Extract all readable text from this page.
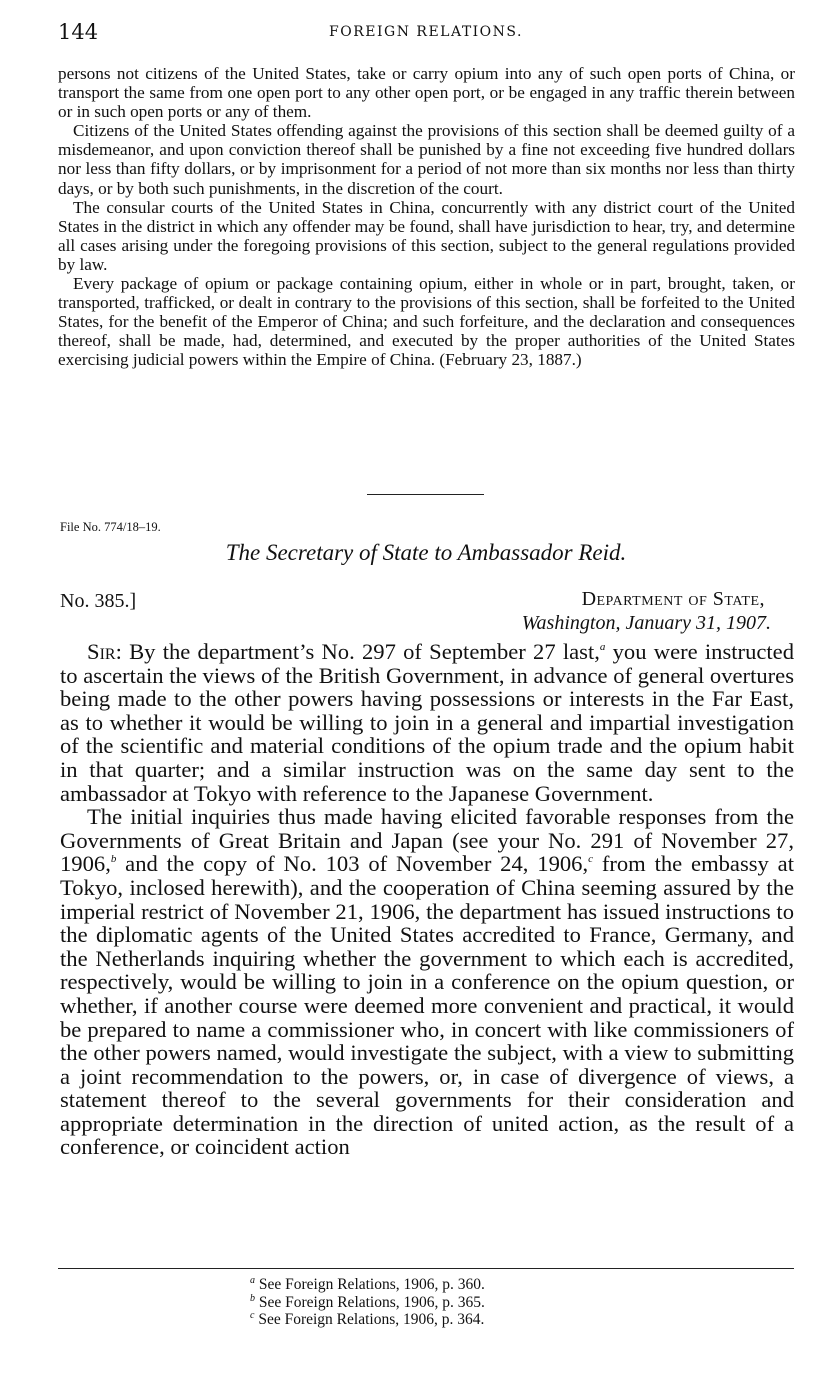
144	FOREIGN RELATIONS.

persons not citizens of the United States, take or carry opium into any of such open ports of China, or transport the same from one open port to any other open port, or be engaged in any traffic therein between or in such open ports or any of them.

Citizens of the United States offending against the provisions of this section shall be deemed guilty of a misdemeanor, and upon conviction thereof shall be punished by a fine not exceeding five hundred dollars nor less than fifty dollars, or by imprisonment for a period of not more than six months nor less than thirty days, or by both such punishments, in the discretion of the court.

The consular courts of the United States in China, concurrently with any district court of the United States in the district in which any offender may be found, shall have jurisdiction to hear, try, and determine all cases arising under the foregoing provisions of this section, subject to the general regulations provided by law.

Every package of opium or package containing opium, either in whole or in part, brought, taken, or transported, trafficked, or dealt in contrary to the provisions of this section, shall be forfeited to the United States, for the benefit of the Emperor of China; and such forfeiture, and the declaration and consequences thereof, shall be made, had, determined, and executed by the proper authorities of the United States exercising judicial powers within the Empire of China. (February 23, 1887.)

File No. 774/18–19.
The Secretary of State to Ambassador Reid.
No. 385.]	Department of State,
Washington, January 31, 1907.

Sir: By the department’s No. 297 of September 27 last,$^a$ you were instructed to ascertain the views of the British Government, in advance of general overtures being made to the other powers having possessions or interests in the Far East, as to whether it would be willing to join in a general and impartial investigation of the scientific and material conditions of the opium trade and the opium habit in that quarter; and a similar instruction was on the same day sent to the ambassador at Tokyo with reference to the Japanese Government.

The initial inquiries thus made having elicited favorable responses from the Governments of Great Britain and Japan (see your No. 291 of November 27, 1906,$^b$ and the copy of No. 103 of November 24, 1906,$^c$ from the embassy at Tokyo, inclosed herewith), and the cooperation of China seeming assured by the imperial restrict of November 21, 1906, the department has issued instructions to the diplomatic agents of the United States accredited to France, Germany, and the Netherlands inquiring whether the government to which each is accredited, respectively, would be willing to join in a conference on the opium question, or whether, if another course were deemed more convenient and practical, it would be prepared to name a commissioner who, in concert with like commissioners of the other powers named, would investigate the subject, with a view to submitting a joint recommendation to the powers, or, in case of divergence of views, a statement thereof to the several governments for their consideration and appropriate determination in the direction of united action, as the result of a conference, or coincident action

$^a$ See Foreign Relations, 1906, p. 360.
$^b$ See Foreign Relations, 1906, p. 365.
$^c$ See Foreign Relations, 1906, p. 364.
